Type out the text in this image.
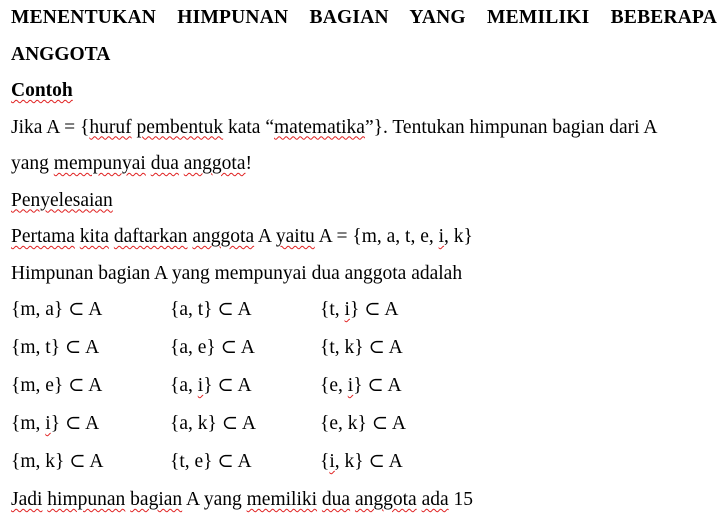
MENENTUKAN HIMPUNAN BAGIAN YANG MEMILIKI BEBERAPA
ANGGOTA
Contoh
Jika A = {huruf pembentuk kata “matematika”}. Tentukan himpunan bagian dari A
yang mempunyai dua anggota!
Penyelesaian
Pertama kita daftarkan anggota A yaitu A = {m, a, t, e, i, k}
Himpunan bagian A yang mempunyai dua anggota adalah
{m, a} ⊂ A	{a, t} ⊂ A	{t, i} ⊂ A
{m, t} ⊂ A	{a, e} ⊂ A	{t, k} ⊂ A
{m, e} ⊂ A	{a, i} ⊂ A	{e, i} ⊂ A
{m, i} ⊂ A	{a, k} ⊂ A	{e, k} ⊂ A
{m, k} ⊂ A	{t, e} ⊂ A	{i, k} ⊂ A
Jadi himpunan bagian A yang memiliki dua anggota ada 15
